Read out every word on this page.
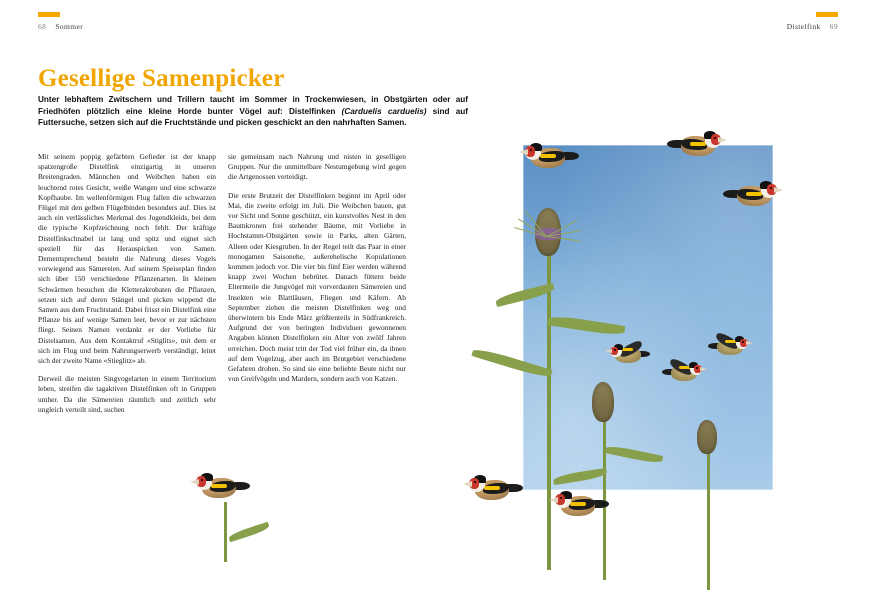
68 Sommer	Distelfink 69
Gesellige Samenpicker

Unter lebhaftem Zwitschern und Trillern taucht im Sommer in Trockenwiesen, in Obstgärten oder auf Friedhöfen plötzlich eine kleine Horde bunter Vögel auf: Distelfinken (Carduelis carduelis) sind auf Futtersuche, setzen sich auf die Fruchtstände und picken geschickt an den nahrhaften Samen.

Mit seinem poppig gefärbten Gefieder ist der knapp spatzengroße Distelfink einzigartig in unseren Breitengraden. Männchen und Weibchen haben ein leuchtend rotes Gesicht, weiße Wangen und eine schwarze Kopfhaube. Im wellenförmigen Flug fallen die schwarzen Flügel mit den gelben Flügelbinden besonders auf. Dies ist auch ein verlässliches Merkmal des Jugendkleids, bei dem die typische Kopfzeichnung noch fehlt. Der kräftige Distelfinkschnabel ist lang und spitz und eignet sich speziell für das Herauspicken von Samen. Dementsprechend besteht die Nahrung dieses Vogels vorwiegend aus Sämereien. Auf seinem Speiseplan finden sich über 150 verschiedene Pflanzenarten. In kleinen Schwärmen besuchen die Kletterakrobaten die Pflanzen, setzen sich auf deren Stängel und picken wippend die Samen aus dem Fruchtstand. Dabei frisst ein Distelfink eine Pflanze bis auf wenige Samen leer, bevor er zur nächsten fliegt. Seinen Namen verdankt er der Vorliebe für Distelsamen. Aus dem Kontaktruf «Stiglits», mit dem er sich im Flug und beim Nahrungserwerb verständigt, leitet sich der zweite Name «Stieglitz» ab.

Derweil die meisten Singvogelarten in einem Territorium leben, streifen die tagaktiven Distelfinken oft in Gruppen umher. Da die Sämereien räumlich und zeitlich sehr ungleich verteilt sind, suchen

sie gemeinsam nach Nahrung und nisten in geselligen Gruppen. Nur die unmittelbare Nestumgebung wird gegen die Artgenossen verteidigt.

Die erste Brutzeit der Distelfinken beginnt im April oder Mai, die zweite erfolgt im Juli. Die Weibchen bauen, gut vor Sicht und Sonne geschützt, ein kunstvolles Nest in den Baumkronen frei stehender Bäume, mit Vorliebe in Hochstamm-Obstgärten sowie in Parks, alten Gärten, Alleen oder Kiesgruben. In der Regel teilt das Paar in einer monogamen Saisonehe, außerehelische Kopulationen kommen jedoch vor. Die vier bis fünf Eier werden während knapp zwei Wochen bebrütet. Danach füttern beide Elternteile die Jungvögel mit vorverdauten Sämereien und Insekten wie Blattläusen, Fliegen und Käfern. Ab September ziehen die meisten Distelfinken weg und überwintern bis Ende März größtenteils in Südfrankreich. Aufgrund der von beringten Individuen gewonnenen Angaben können Distelfinken ein Alter von zwölf Jahren erreichen. Doch meist tritt der Tod viel früher ein, da ihnen auf dem Vogelzug, aber auch im Brutgebiet verschiedene Gefahren drohen. So sind sie eine beliebte Beute nicht nur von Greifvögeln und Mardern, sondern auch von Katzen.
